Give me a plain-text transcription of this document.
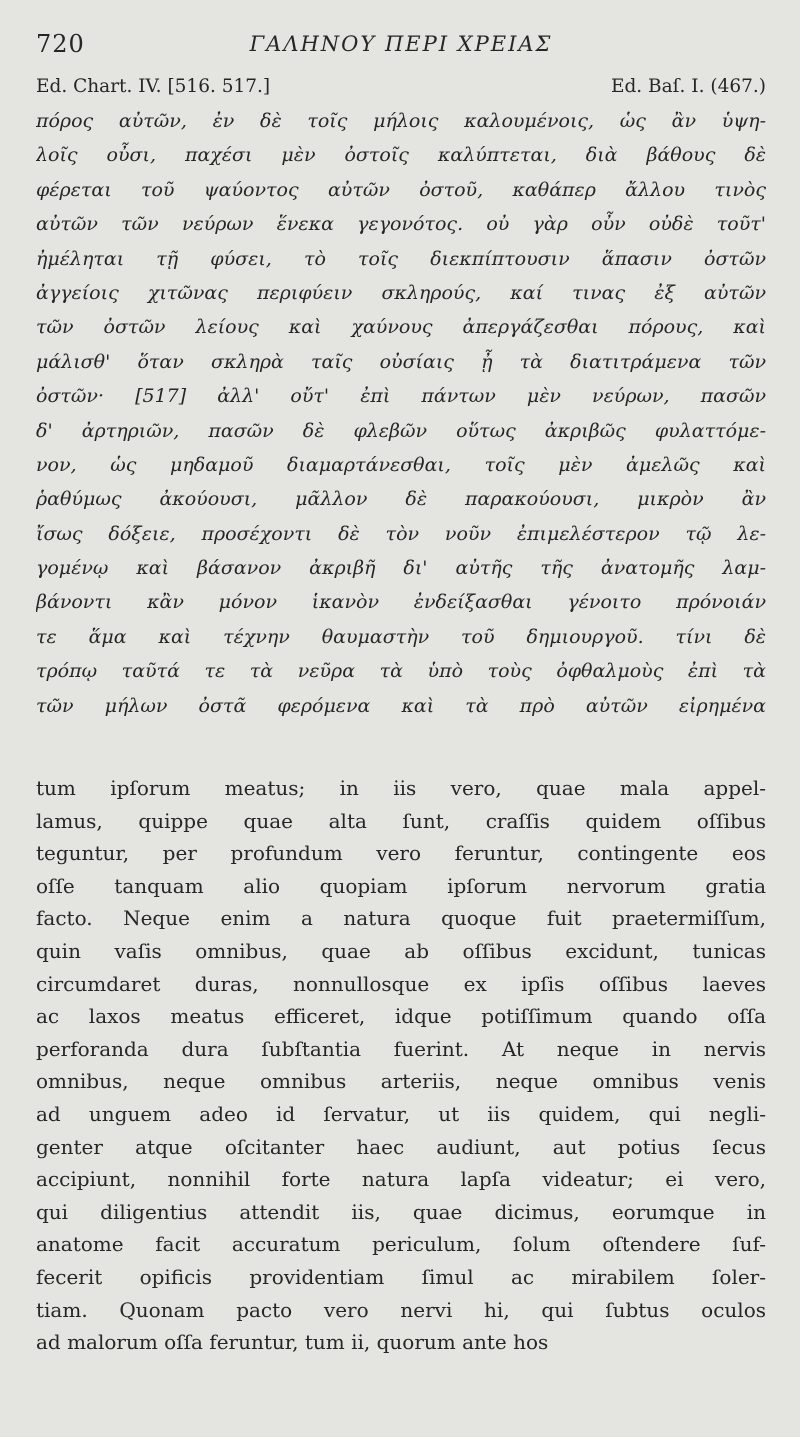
720	ΓΑΛΗΝΟΥ ΠΕΡΙ ΧΡΕΙΑΣ
Ed. Chart. IV. [516. 517.]	Ed. Baſ. I. (467.)
πόρος αὐτῶν, ἐν δὲ τοῖς μήλοις καλουμένοις, ὡς ἂν ὑψη-
λοῖς οὖσι, παχέσι μὲν ὀστοῖς καλύπτεται, διὰ βάθους δὲ
φέρεται τοῦ ψαύοντος αὐτῶν ὀστοῦ, καθάπερ ἄλλου τινὸς
αὐτῶν τῶν νεύρων ἕνεκα γεγονότος. οὐ γὰρ οὖν οὐδὲ τοῦτ'
ἠμέληται τῇ φύσει, τὸ τοῖς διεκπίπτουσιν ἅπασιν ὀστῶν
ἀγγείοις χιτῶνας περιφύειν σκληρούς, καί τινας ἐξ αὐτῶν
τῶν ὀστῶν λείους καὶ χαύνους ἀπεργάζεσθαι πόρους, καὶ
μάλισθ' ὅταν σκληρὰ ταῖς οὐσίαις ᾖ τὰ διατιτράμενα τῶν
ὀστῶν· [517] ἀλλ' οὔτ' ἐπὶ πάντων μὲν νεύρων, πασῶν
δ' ἀρτηριῶν, πασῶν δὲ φλεβῶν οὕτως ἀκριβῶς φυλαττόμε-
νον, ὡς μηδαμοῦ διαμαρτάνεσθαι, τοῖς μὲν ἀμελῶς καὶ
ῥαθύμως ἀκούουσι, μᾶλλον δὲ παρακούουσι, μικρὸν ἂν
ἴσως δόξειε, προσέχοντι δὲ τὸν νοῦν ἐπιμελέστερον τῷ λε-
γομένῳ καὶ βάσανον ἀκριβῆ δι' αὐτῆς τῆς ἀνατομῆς λαμ-
βάνοντι κἂν μόνον ἱκανὸν ἐνδείξασθαι γένοιτο πρόνοιάν
τε ἅμα καὶ τέχνην θαυμαστὴν τοῦ δημιουργοῦ. τίνι δὲ
τρόπῳ ταῦτά τε τὰ νεῦρα τὰ ὑπὸ τοὺς ὀφθαλμοὺς ἐπὶ τὰ
τῶν μήλων ὀστᾶ φερόμενα καὶ τὰ πρὸ αὐτῶν εἰρημένα
tum ipſorum meatus; in iis vero, quae mala appel-
lamus, quippe quae alta ſunt, craſſis quidem oſſibus
teguntur, per profundum vero feruntur, contingente eos
oſſe tanquam alio quopiam ipſorum nervorum gratia
facto. Neque enim a natura quoque fuit praetermiſſum,
quin vaſis omnibus, quae ab oſſibus excidunt, tunicas
circumdaret duras, nonnullosque ex ipſis oſſibus laeves
ac laxos meatus efficeret, idque potiſſimum quando oſſa
perforanda dura ſubſtantia fuerint. At neque in nervis
omnibus, neque omnibus arteriis, neque omnibus venis
ad unguem adeo id ſervatur, ut iis quidem, qui negli-
genter atque oſcitanter haec audiunt, aut potius ſecus
accipiunt, nonnihil forte natura lapſa videatur; ei vero,
qui diligentius attendit iis, quae dicimus, eorumque in
anatome facit accuratum periculum, ſolum oſtendere ſuf-
fecerit opificis providentiam ſimul ac mirabilem ſoler-
tiam. Quonam pacto vero nervi hi, qui ſubtus oculos
ad malorum oſſa feruntur, tum ii, quorum ante hos
